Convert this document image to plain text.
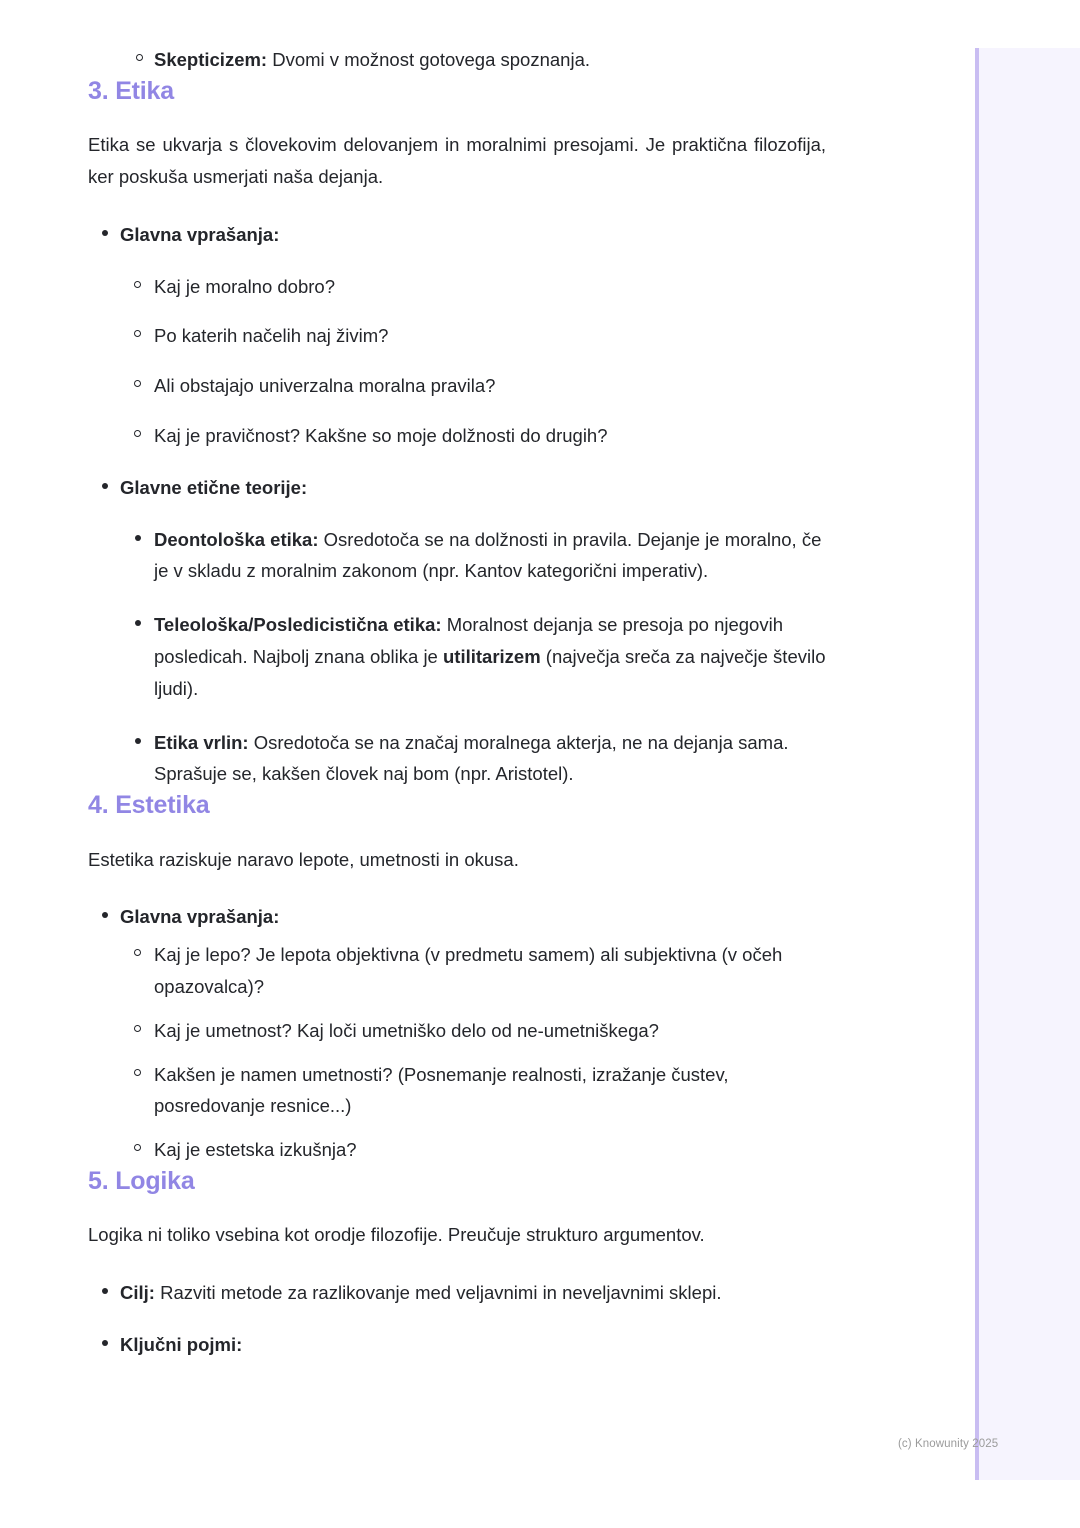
Skepticizem: Dvomi v možnost gotovega spoznanja.
3. Etika

Etika se ukvarja s človekovim delovanjem in moralnimi presojami. Je praktična filozofija, ker poskuša usmerjati naša dejanja.

Glavna vprašanja:
Kaj je moralno dobro?
Po katerih načelih naj živim?
Ali obstajajo univerzalna moralna pravila?
Kaj je pravičnost? Kakšne so moje dolžnosti do drugih?
Glavne etične teorije:
Deontološka etika: Osredotoča se na dolžnosti in pravila. Dejanje je moralno, če je v skladu z moralnim zakonom (npr. Kantov kategorični imperativ).
Teleološka/Posledicistična etika: Moralnost dejanja se presoja po njegovih posledicah. Najbolj znana oblika je utilitarizem (največja sreča za največje število ljudi).
Etika vrlin: Osredotoča se na značaj moralnega akterja, ne na dejanja sama. Sprašuje se, kakšen človek naj bom (npr. Aristotel).
4. Estetika

Estetika raziskuje naravo lepote, umetnosti in okusa.

Glavna vprašanja:
Kaj je lepo? Je lepota objektivna (v predmetu samem) ali subjektivna (v očeh opazovalca)?
Kaj je umetnost? Kaj loči umetniško delo od ne-umetniškega?
Kakšen je namen umetnosti? (Posnemanje realnosti, izražanje čustev, posredovanje resnice...)
Kaj je estetska izkušnja?
5. Logika

Logika ni toliko vsebina kot orodje filozofije. Preučuje strukturo argumentov.

Cilj: Razviti metode za razlikovanje med veljavnimi in neveljavnimi sklepi.
Ključni pojmi:
(c) Knowunity 2025
